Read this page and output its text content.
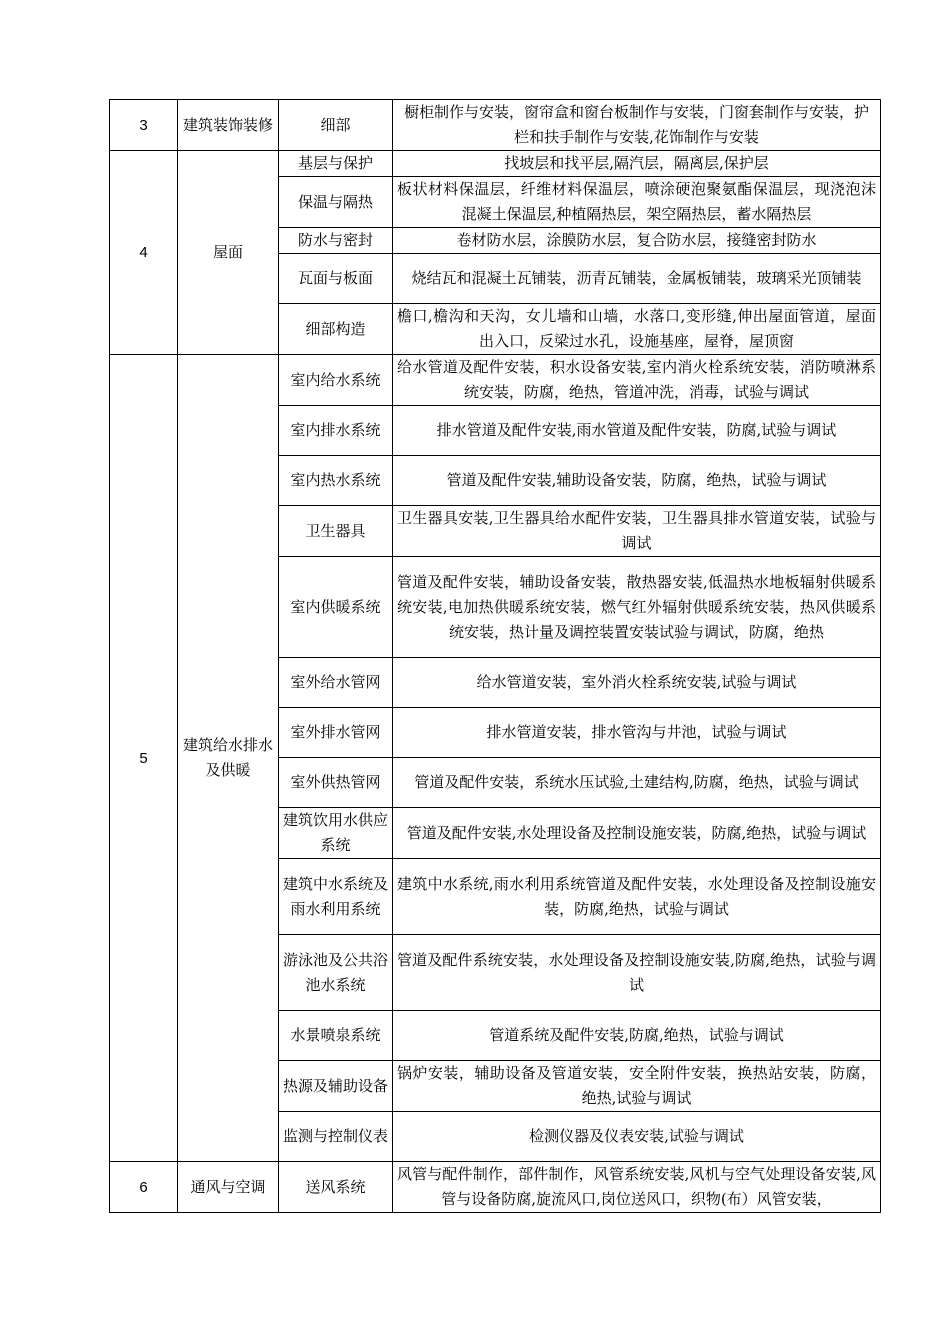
3	建筑装饰装修	细部	橱柜制作与安装，窗帘盒和窗台板制作与安装，门窗套制作与安装，护栏和扶手制作与安装,花饰制作与安装
4	屋面	基层与保护	找坡层和找平层,隔汽层，隔离层,保护层
		保温与隔热	板状材料保温层，纤维材料保温层，喷涂硬泡聚氨酯保温层，现浇泡沫混凝土保温层,种植隔热层，架空隔热层，蓄水隔热层
		防水与密封	卷材防水层，涂膜防水层，复合防水层，接缝密封防水
		瓦面与板面	烧结瓦和混凝土瓦铺装，沥青瓦铺装，金属板铺装，玻璃采光顶铺装
		细部构造	檐口,檐沟和天沟，女儿墙和山墙，水落口,变形缝,伸出屋面管道，屋面出入口，反梁过水孔，设施基座，屋脊，屋顶窗
5	建筑给水排水及供暖	室内给水系统	给水管道及配件安装，积水设备安装,室内消火栓系统安装，消防喷淋系统安装，防腐，绝热，管道冲洗，消毒，试验与调试
		室内排水系统	排水管道及配件安装,雨水管道及配件安装，防腐,试验与调试
		室内热水系统	管道及配件安装,辅助设备安装，防腐，绝热，试验与调试
		卫生器具	卫生器具安装,卫生器具给水配件安装，卫生器具排水管道安装，试验与调试
		室内供暖系统	管道及配件安装，辅助设备安装，散热器安装,低温热水地板辐射供暖系统安装,电加热供暖系统安装，燃气红外辐射供暖系统安装，热风供暖系统安装，热计量及调控装置安装试验与调试，防腐，绝热
		室外给水管网	给水管道安装，室外消火栓系统安装,试验与调试
		室外排水管网	排水管道安装，排水管沟与井池，试验与调试
		室外供热管网	管道及配件安装，系统水压试验,土建结构,防腐，绝热，试验与调试
		建筑饮用水供应系统	管道及配件安装,水处理设备及控制设施安装，防腐,绝热，试验与调试
		建筑中水系统及雨水利用系统	建筑中水系统,雨水利用系统管道及配件安装，水处理设备及控制设施安装，防腐,绝热，试验与调试
		游泳池及公共浴池水系统	管道及配件系统安装，水处理设备及控制设施安装,防腐,绝热，试验与调试
		水景喷泉系统	管道系统及配件安装,防腐,绝热，试验与调试
		热源及辅助设备	锅炉安装，辅助设备及管道安装，安全附件安装，换热站安装，防腐，绝热,试验与调试
		监测与控制仪表	检测仪器及仪表安装,试验与调试
6	通风与空调	送风系统	风管与配件制作，部件制作，风管系统安装,风机与空气处理设备安装,风管与设备防腐,旋流风口,岗位送风口，织物(布）风管安装，
